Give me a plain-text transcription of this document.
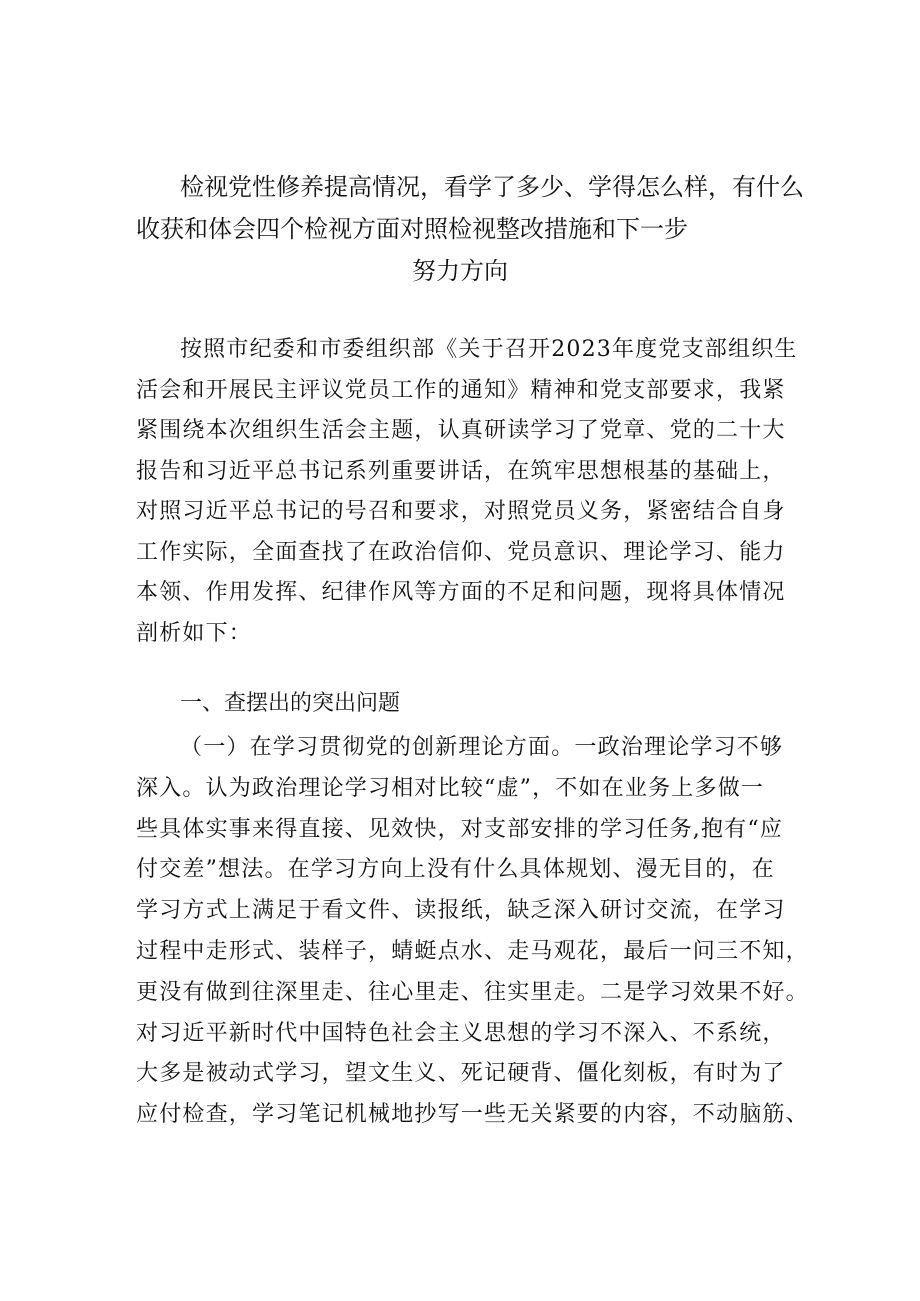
检视党性修养提高情况，看学了多少、学得怎么样，有什么
收获和体会四个检视方面对照检视整改措施和下一步
努力方向
按照市纪委和市委组织部《关于召开2023年度党支部组织生
活会和开展民主评议党员工作的通知》精神和党支部要求，我紧
紧围绕本次组织生活会主题，认真研读学习了党章、党的二十大
报告和习近平总书记系列重要讲话，在筑牢思想根基的基础上，
对照习近平总书记的号召和要求，对照党员义务，紧密结合自身
工作实际，全面查找了在政治信仰、党员意识、理论学习、能力
本领、作用发挥、纪律作风等方面的不足和问题，现将具体情况
剖析如下：
一、查摆出的突出问题
（一）在学习贯彻党的创新理论方面。一政治理论学习不够
深入。认为政治理论学习相对比较“虚”，不如在业务上多做一
些具体实事来得直接、见效快，对支部安排的学习任务,抱有“应
付交差”想法。在学习方向上没有什么具体规划、漫无目的，在
学习方式上满足于看文件、读报纸，缺乏深入研讨交流，在学习
过程中走形式、装样子，蜻蜓点水、走马观花，最后一问三不知，
更没有做到往深里走、往心里走、往实里走。二是学习效果不好。
对习近平新时代中国特色社会主义思想的学习不深入、不系统，
大多是被动式学习，望文生义、死记硬背、僵化刻板，有时为了
应付检查，学习笔记机械地抄写一些无关紧要的内容，不动脑筋、
